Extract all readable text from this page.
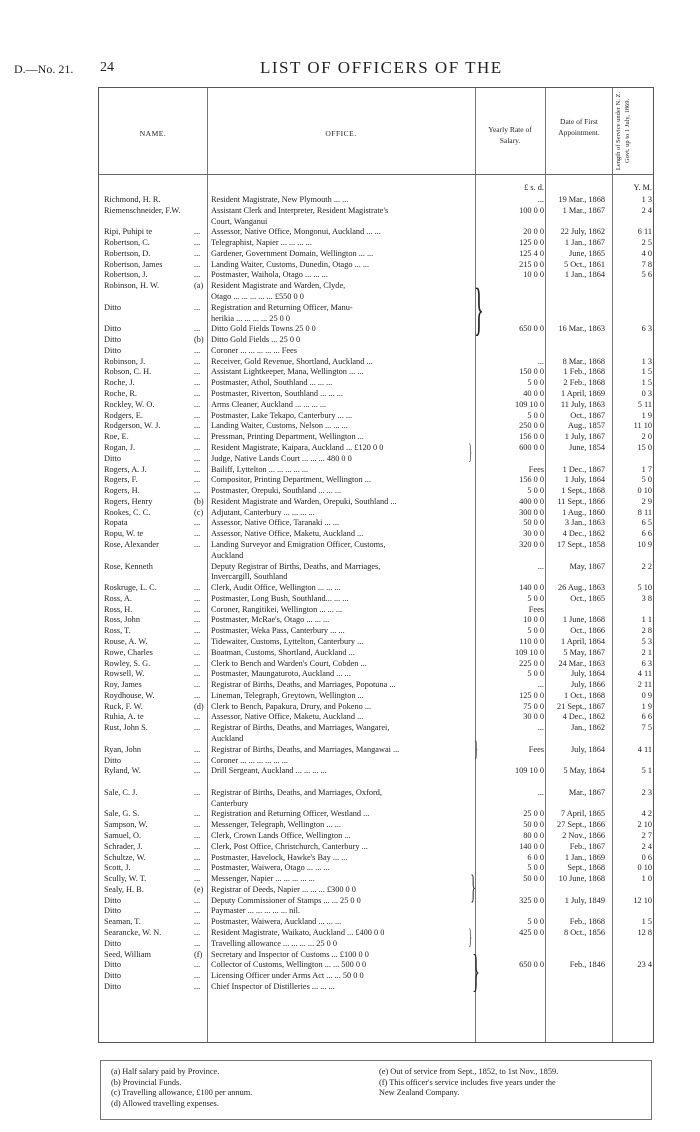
D.—No. 21. 24	LIST OF OFFICERS OF THE
NAME.	OFFICE.	Yearly Rate of Salary.
Date of First Appointment.	Length of Service under N. Z. Govt. up to 1 July, 1869.
£ s. d.	Y. M.
Richmond, H. R.	Resident Magistrate, New Plymouth ... ...	...	19 Mar., 1868	1 3
Riemenschneider, F.W.	Assistant Clerk and Interpreter, Resident Magistrate's	100 0 0	1 Mar., 1867	2 4
Court, Wanganui
Ripi, Puhipi te	... Assessor, Native Office, Mongonui, Auckland ... ...	20 0 0	22 July, 1862	6 11
Robertson, C.	... Telegraphist, Napier ... ... ... ...	125 0 0	1 Jan., 1867	2 5
Robertson, D.	... Gardener, Government Domain, Wellington ... ...	125 4 0	June, 1865	4 0
Robertson, James	... Landing Waiter, Customs, Dunedin, Otago ... ...	215 0 0	5 Oct., 1861	7 8
Robertson, J.	... Postmaster, Waihola, Otago ... ... ...	10 0 0	1 Jan., 1864	5 6
Robinson, H. W.	(a) Resident Magistrate and Warden, Clyde,
Otago ... ... ... ... ... £550 0 0
Ditto	... Registration and Returning Officer, Manu-
herikia ... ... ... ... 25 0 0
Ditto	... Ditto Gold Fields Towns 25 0 0	650 0 0	16 Mar., 1863	6 3
Ditto	(b) Ditto Gold Fields ... 25 0 0
Ditto	... Coroner ... ... ... ... ... Fees
Robinson, J.	... Receiver, Gold Revenue, Shortland, Auckland ...	...	8 Mar., 1868	1 3
Robson, C. H.	... Assistant Lightkeeper, Mana, Wellington ... ...	150 0 0	1 Feb., 1868	1 5
Roche, J.	... Postmaster, Athol, Southland ... ... ...	5 0 0	2 Feb., 1868	1 5
Roche, R.	... Postmaster, Riverton, Southland ... ... ...	40 0 0	1 April, 1869	0 3
Rockley, W. O.	... Arms Cleaner, Auckland ... ... ... ...	109 10 0	11 July, 1863	5 11
Rodgers, E.	... Postmaster, Lake Tekapo, Canterbury ... ...	5 0 0	Oct., 1867	1 9
Rodgerson, W. J.	... Landing Waiter, Customs, Nelson ... ... ...	250 0 0	Aug., 1857	11 10
Roe, E.	... Pressman, Printing Department, Wellington ...	156 0 0	1 July, 1867	2 0
Rogan, J.	... Resident Magistrate, Kaipara, Auckland ... £120 0 0	600 0 0	June, 1854	15 0
Ditto	... Judge, Native Lands Court ... ... ... 480 0 0
Rogers, A. J.	... Bailiff, Lyttelton ... ... ... ... ...	Fees	1 Dec., 1867	1 7
Rogers, F.	... Compositor, Printing Department, Wellington ...	156 0 0	1 July, 1864	5 0
Rogers, H.	... Postmaster, Orepuki, Southland ... ... ...	5 0 0	1 Sept., 1868	0 10
Rogers, Henry	(b) Resident Magistrate and Warden, Orepuki, Southland ...	400 0 0	11 Sept., 1866	2 9
Rookes, C. C.	(c) Adjutant, Canterbury ... ... ... ...	300 0 0	1 Aug., 1860	8 11
Ropata	... Assessor, Native Office, Taranaki ... ...	50 0 0	3 Jan., 1863	6 5
Ropu, W. te	... Assessor, Native Office, Maketu, Auckland ...	30 0 0	4 Dec., 1862	6 6
Rose, Alexander	... Landing Surveyor and Emigration Officer, Customs,	320 0 0	17 Sept., 1858	10 9
Auckland
Rose, Kenneth	Deputy Registrar of Births, Deaths, and Marriages,	...	May, 1867	2 2
Invercargill, Southland
Roskruge, L. C.	... Clerk, Audit Office, Wellington ... ... ...	140 0 0	26 Aug., 1863	5 10
Ross, A.	... Postmaster, Long Bush, Southland... ... ...	5 0 0	Oct., 1865	3 8
Ross, H.	... Coroner, Rangitikei, Wellington ... ... ...	Fees
Ross, John	... Postmaster, McRae's, Otago ... ... ...	10 0 0	1 June, 1868	1 1
Ross, T.	... Postmaster, Weka Pass, Canterbury ... ...	5 0 0	Oct., 1866	2 8
Rouse, A. W.	... Tidewaiter, Customs, Lyttelton, Canterbury ...	110 0 0	1 April, 1864	5 3
Rowe, Charles	... Boatman, Customs, Shortland, Auckland ...	109 10 0	5 May, 1867	2 1
Rowley, S. G.	... Clerk to Bench and Warden's Court, Cobden ...	225 0 0	24 Mar., 1863	6 3
Rowsell, W.	... Postmaster, Maungaturoto, Auckland ... ...	5 0 0	July, 1864	4 11
Roy, James	... Registrar of Births, Deaths, and Marriages, Popotuna ...	...	July, 1866	2 11
Roydhouse, W.	... Lineman, Telegraph, Greytown, Wellington ...	125 0 0	1 Oct., 1868	0 9
Ruck, F. W.	(d) Clerk to Bench, Papakura, Drury, and Pokeno ...	75 0 0	21 Sept., 1867	1 9
Ruhia, A. te	... Assessor, Native Office, Maketu, Auckland ...	30 0 0	4 Dec., 1862	6 6
Rust, John S.	... Registrar of Births, Deaths, and Marriages, Wangarei,	...	Jan., 1862	7 5
Auckland
Ryan, John	... Registrar of Births, Deaths, and Marriages, Mangawai ...	Fees	July, 1864	4 11
Ditto	... Coroner ... ... ... ... ... ...
Ryland, W.	... Drill Sergeant, Auckland ... ... ... ...	109 10 0	5 May, 1864	5 1
Sale, C. J.	... Registrar of Births, Deaths, and Marriages, Oxford,	...	Mar., 1867	2 3
Canterbury
Sale, G. S.	... Registration and Returning Officer, Westland ...	25 0 0	7 April, 1865	4 2
Sampson, W.	... Messenger, Telegraph, Wellington ... ...	50 0 0	27 Sept., 1866	2 10
Samuel, O.	... Clerk, Crown Lands Office, Wellington ...	80 0 0	2 Nov., 1866	2 7
Schrader, J.	... Clerk, Post Office, Christchurch, Canterbury ...	140 0 0	Feb., 1867	2 4
Schultze, W.	... Postmaster, Havelock, Hawke's Bay ... ...	6 0 0	1 Jan., 1869	0 6
Scott, J.	... Postmaster, Waiwera, Otago ... ... ...	5 0 0	Sept., 1868	0 10
Scully, W. T.	... Messenger, Napier ... ... ... ... ...	50 0 0	10 June, 1868	1 0
Sealy, H. B.	(e) Registrar of Deeds, Napier ... ... ... £300 0 0
Ditto	... Deputy Commissioner of Stamps ... ... 25 0 0	325 0 0	1 July, 1849	12 10
Ditto	... Paymaster ... ... ... ... ... nil.
Seaman, T.	... Postmaster, Waiwera, Auckland ... ... ...	5 0 0	Feb., 1868	1 5
Searancke, W. N.	... Resident Magistrate, Waikato, Auckland ... £400 0 0	425 0 0	8 Oct., 1856	12 8
Ditto	... Travelling allowance ... ... ... ... 25 0 0
Seed, William	(f) Secretary and Inspector of Customs ... £100 0 0
Ditto	... Collector of Customs, Wellington ... ... 500 0 0	650 0 0	Feb., 1846	23 4
Ditto	... Licensing Officer under Arms Act ... ... 50 0 0
Ditto	... Chief Inspector of Distilleries ... ... ...
}
}
}
}
}
}
(a) Half salary paid by Province.
(b) Provincial Funds.
(c) Travelling allowance, £100 per annum.
(d) Allowed travelling expenses.
(e) Out of service from Sept., 1852, to 1st Nov., 1859.
(f) This officer's service includes five years under the
New Zealand Company.
